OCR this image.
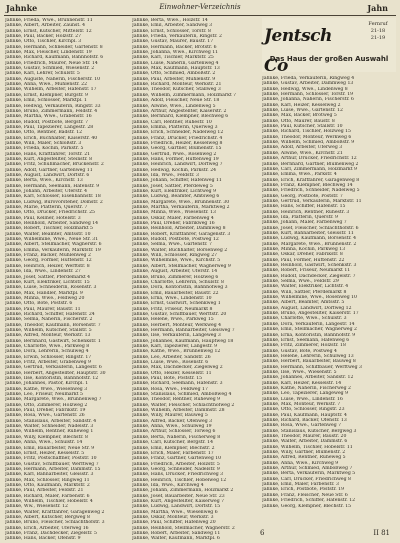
Jahnke	Einwohner-Verzeichnis	Jahn
Jahnke, Frieda, Wwe., Brunnenstr. 11
Jahnke, Albert, Arbeiter, Zaunst. 4
Jahnke, Ernst, Kutscher, Mittelstr. 12
Jahnke, Paul, Bäcker, Holzstr. 27
Jahnke, Otto, Tischler, Kirchpl. 3
Jahnke, Hermann, Schneider, Gartenstr. 8
Jahnke, Max, Fleischer, Lindenstr. 19
Jahnke, Richard, Kaufmann, Bahnhofstr. 6
Jahnke, Friedrich, Maurer, Neue Str. 14
Jahnke, Gustav, Schmied, Wiesenstr. 2
Jahnke, Karl, Lehrer, Schulstr. 5
Jahnke, Auguste, Näherin, Fischerstr. 10
Jahnke, Anna, Wwe., Mühlenstr. 22
Jahnke, Wilhelm, Arbeiter, Hafenstr. 17
Jahnke, Ernst, Klempner, Burgstr. 9
Jahnke, Emil, Schlosser, Marktpl. 1
Jahnke, Hedwig, Verkäuferin, Ringstr. 33
Jahnke, Bruno, Zimmermann, Feldstr. 4
Jahnke, Martha, Wwe., Grabenstr. 16
Jahnke, Rudolf, Postbote, Bergstr. 7
Jahnke, Paul, Tapezierer, Langestr. 28
Jahnke, Otto, Rentner, Badstr. 12
Jahnke, Erich, Buchhalter, Kaiserstr. 40
Jahnke, Willi, Maler, Schloßstr. 3
Jahnke, Frieda, Köchin, Parkstr. 5
Jahnke, Hans, Kraftfahrer, Torstr. 21
Jahnke, Kurt, Angestellter, Steinstr. 8
Jahnke, Fritz, Schuhmacher, Brückenstr. 2
Jahnke, Adolf, Gärtner, Gartenweg 11
Jahnke, August, Landwirt, Dorfstr. 6
Jahnke, Berta, Wwe., Kirchstr. 13
Jahnke, Hermann, Seemann, Hafenstr. 9
Jahnke, Johann, Arbeiter, Uferstr. 4
Jahnke, Karl, Schlosser, Eisenbahnstr. 18
Jahnke, Ludwig, Bürovorsteher, Domstr. 2
Jahnke, Marie, Plätterin, Querstr. 7
Jahnke, Otto, Drucker, Friedrichstr. 25
Jahnke, Paul, Kellner, Hotelstr. 3
Jahnke, Reinhold, Arbeiter, Sandweg 14
Jahnke, Robert, Tischler, Holzmarkt 5
Jahnke, Walter, Beamter, Amtsstr. 10
Jahnke, Wilhelmine, Wwe., Neue Str. 31
Jahnke, Albert, Stellmacher, Wagnerstr. 6
Jahnke, Emma, Verkäuferin, Marktstr. 19
Jahnke, Franz, Bäcker, Mühlenweg 2
Jahnke, Georg, Former, Hüttenstr. 12
Jahnke, Heinrich, Heizer, Werftstr. 8
Jahnke, Ida, Wwe., Lindenstr. 27
Jahnke, Josef, Sattler, Pferdemarkt 4
Jahnke, Kurt, Elektriker, Lichtstr. 15
Jahnke, Luise, Schneiderin, Rosenstr. 3
Jahnke, Max, Händler, Marktpl. 9
Jahnke, Minna, Wwe., Feldweg 20
Jahnke, Otto, Bote, Poststr. 6
Jahnke, Paul, Maurer, Baustr. 11
Jahnke, Richard, Schiffer, Hafenstr. 24
Jahnke, Selma, Näherin, Fischerstr. 2
Jahnke, Theodor, Kaufmann, Börsenstr. 7
Jahnke, Wilhelm, Kutscher, Stallstr. 5
Jahnke, Alfred, Monteur, Werkstr. 13
Jahnke, Bernhard, Gastwirt, Schenkstr. 1
Jahnke, Charlotte, Wwe., Parkweg 8
Jahnke, Dora, Lehrerin, Schulweg 4
Jahnke, Erwin, Schlosser, Ringstr. 17
Jahnke, Fritz, Arbeiter, Grabenweg 9
Jahnke, Gertrud, Verkäuferin, Langestr. 6
Jahnke, Herbert, Angestellter, Hauptstr. 30
Jahnke, Ilse, Kontoristin, Bahnhofstr. 12
Jahnke, Johannes, Pastor, Kirchpl. 1
Jahnke, Käthe, Wwe., Wiesenweg 3
Jahnke, Leo, Friseur, Neumarkt 5
Jahnke, Margarete, Wwe., Brunnenweg 7
Jahnke, Otto, Zimmerer, Holzweg 2
Jahnke, Paul, Dreher, Fabrikstr. 19
Jahnke, Rosa, Wwe., Gartenstr. 26
Jahnke, Stanislaus, Arbeiter, Sandstr. 4
Jahnke, Walter, Schneider, Nadelstr. 3
Jahnke, Wilhelm, Rentner, Ruheweg 1
Jahnke, Willy, Klempner, Blechstr. 8
Jahnke, Anna, Wwe., Schulstr. 14
Jahnke, Emil, Bauarbeiter, Neue Str. 9
Jahnke, Ernst, Heizer, Kesselstr. 5
Jahnke, Fritz, Postschaffner, Poststr. 10
Jahnke, Gustav, Schiffbauer, Werftweg 7
Jahnke, Hermann, Arbeiter, Dammstr. 15
Jahnke, Karl, Bahnarbeiter, Gleisstr. 3
Jahnke, Max, Schlosser, Ringweg 11
Jahnke, Otto, Kaufmann, Marktstr. 2
Jahnke, Paul, Arbeiter, Feldstr. 21
Jahnke, Richard, Maler, Farbenstr. 6
Jahnke, Wilhelm, Tischler, Hobelstr. 4
Jahnke, Ww., Wiesenstr. 12
Jahnke, Walter, Kraftfahrer, Garagenweg 2
Jahnke, Albert, Kutscher, Bergweg 8
Jahnke, Bruno, Fleischer, Schlachthofstr. 3
Jahnke, Erich, Arbeiter, Uferweg 16
Jahnke, Franz, Dachdecker, Ziegelstr. 5
Jahnke, Hans, Bäcker, Ofenstr. 9
Jahnke, Berta, Wwe., Holzstr. 14
Jahnke, Emil, Arbeiter, Sandweg 3
Jahnke, Ernst, Schlosser, Torstr. 8
Jahnke, Frieda, Verkäuferin, Ringstr. 2
Jahnke, Gustav, Maurer, Baustr. 17
Jahnke, Hermann, Bäcker, Brotstr. 6
Jahnke, Johanna, Wwe., Kirchweg 11
Jahnke, Karl, Tischler, Marktstr. 25
Jahnke, Luise, Näherin, Gartenweg 4
Jahnke, Max, Kaufmann, Hauptstr. 13
Jahnke, Otto, Schmied, Amboßstr. 2
Jahnke, Paul, Arbeiter, Mühlenstr. 9
Jahnke, Richard, Monteur, Werkstr. 21
Jahnke, Theodor, Kutscher, Stallweg 3
Jahnke, Wilhelm, Zimmermann, Holzmarkt 7
Jahnke, Adolf, Fleischer, Neue Str. 18
Jahnke, Alwine, Wwe., Lindenweg 5
Jahnke, Arthur, Angestellter, Kaiserstr. 2
Jahnke, Bernhard, Klempner, Blechweg 6
Jahnke, Carl, Rentner, Ruhestr. 10
Jahnke, Emma, Plätterin, Querweg 3
Jahnke, Erich, Schneider, Nadelweg 12
Jahnke, Franz, Drucker, Friedrichstr. 4
Jahnke, Friedrich, Heizer, Kesselweg 8
Jahnke, Georg, Gärtner, Blumenstr. 15
Jahnke, Gertrud, Wwe., Rosenweg 2
Jahnke, Hans, Former, Hüttenweg 19
Jahnke, Heinrich, Landwirt, Dorfweg 7
Jahnke, Hedwig, Köchin, Parkstr. 24
Jahnke, Ida, Wwe., Feldstr. 3
Jahnke, Johann, Schiffer, Hafenweg 11
Jahnke, Josef, Sattler, Pferdeweg 5
Jahnke, Kurt, Elektriker, Lichtweg 9
Jahnke, Ludwig, Beamter, Amtsweg 6
Jahnke, Margarete, Wwe., Brunnenstr. 30
Jahnke, Martha, Verkäuferin, Marktweg 2
Jahnke, Minna, Wwe., Wiesenstr. 13
Jahnke, Oskar, Maler, Farbenweg 4
Jahnke, Paul, Dreher, Fabrikweg 16
Jahnke, Reinhold, Arbeiter, Dammweg 8
Jahnke, Robert, Kraftfahrer, Garagenstr. 3
Jahnke, Rudolf, Postbote, Postweg 12
Jahnke, Selma, Wwe., Gartenstr. 7
Jahnke, Walter, Buchhalter, Börsenweg 2
Jahnke, Willi, Schlosser, Ringweg 27
Jahnke, Wilhelmine, Wwe., Kirchstr. 5
Jahnke, Albert, Stellmacher, Wagnerweg 9
Jahnke, August, Arbeiter, Uferstr. 14
Jahnke, Bruno, Zimmerer, Holzweg 6
Jahnke, Charlotte, Lehrerin, Schulstr. 8
Jahnke, Dora, Kontoristin, Bahnhofweg 3
Jahnke, Emil, Bauarbeiter, Baustr. 22
Jahnke, Erna, Wwe., Lindenstr. 10
Jahnke, Ernst, Gastwirt, Schenkweg 1
Jahnke, Fritz, Friseur, Neumarkt 8
Jahnke, Gustav, Schiffbauer, Werftstr. 20
Jahnke, Helene, Wwe., Parkweg 15
Jahnke, Herbert, Monteur, Werkweg 4
Jahnke, Hermann, Bahnarbeiter, Gleisweg 7
Jahnke, Ilse, Verkäuferin, Langeweg 3
Jahnke, Johannes, Kaufmann, Hauptweg 18
Jahnke, Karl, Tapezierer, Langestr. 9
Jahnke, Käthe, Wwe., Brunnenweg 12
Jahnke, Leo, Arbeiter, Sandstr. 26
Jahnke, Luise, Wwe., Rosenstr. 6
Jahnke, Max, Dachdecker, Ziegelweg 2
Jahnke, Otto, Heizer, Kesselstr. 11
Jahnke, Paul, Bote, Poststr. 15
Jahnke, Richard, Seemann, Hafenstr. 3
Jahnke, Rosa, Wwe., Feldweg 17
Jahnke, Stanislaus, Schmied, Amboßweg 4
Jahnke, Theodor, Rentner, Ruheweg 9
Jahnke, Walter, Fleischer, Schlachthofweg 2
Jahnke, Wilhelm, Arbeiter, Dammstr. 28
Jahnke, Willy, Maurer, Bauweg 5
Jahnke, Alfred, Bäcker, Ofenweg 3
Jahnke, Anna, Wwe., Schulweg 19
Jahnke, Arthur, Schlosser, Torweg 6
Jahnke, Berta, Näherin, Fischerweg 8
Jahnke, Carl, Kutscher, Bergstr. 14
Jahnke, Emil, Klempner, Blechstr. 2
Jahnke, Erich, Maler, Farbenstr. 17
Jahnke, Franz, Gärtner, Gartenweg 10
Jahnke, Friedrich, Arbeiter, Holzstr. 5
Jahnke, Georg, Schneider, Nadelstr. 9
Jahnke, Hans, Drucker, Friedrichweg 3
Jahnke, Heinrich, Tischler, Hobelweg 12
Jahnke, Ida, Wwe., Kirchweg 4
Jahnke, Johann, Zimmermann, Holzmarkt 2
Jahnke, Josef, Bauarbeiter, Neue Str. 23
Jahnke, Kurt, Angestellter, Kaiserweg 7
Jahnke, Ludwig, Landwirt, Dorfstr. 15
Jahnke, Martha, Wwe., Wiesenweg 6
Jahnke, Oskar, Monteur, Werkstr. 3
Jahnke, Paul, Schiffer, Hafenweg 20
Jahnke, Reinhold, Stellmacher, Wagnerstr. 2
Jahnke, Robert, Arbeiter, Sandweg 11
Jahnke, Walter, Kaufmann, Marktpl. 6
Jentsch Co
Fernruf
21-18
21-19
Das Haus der großen Auswahl
Jahnke, Frieda, Verkäuferin, Ringweg 4
Jahnke, Gustav, Arbeiter, Dammweg 13
Jahnke, Hedwig, Wwe., Lindenweg 8
Jahnke, Hermann, Schlosser, Torstr. 19
Jahnke, Johanna, Näherin, Fischerstr. 6
Jahnke, Karl, Heizer, Kesselweg 2
Jahnke, Luise, Wwe., Gartenstr. 12
Jahnke, Max, Bäcker, Brotweg 5
Jahnke, Otto, Maurer, Baustr. 8
Jahnke, Paul, Kutscher, Stallstr. 10
Jahnke, Richard, Tischler, Holzweg 15
Jahnke, Theodor, Monteur, Werkweg 6
Jahnke, Wilhelm, Schmied, Amboßstr. 9
Jahnke, Adolf, Arbeiter, Uferweg 3
Jahnke, Alwine, Wwe., Kirchstr. 21
Jahnke, Arthur, Drucker, Friedrichstr. 12
Jahnke, Bernhard, Gärtner, Blumenweg 2
Jahnke, Carl, Zimmermann, Holzmarkt 9
Jahnke, Emma, Wwe., Parkstr. 4
Jahnke, Erich, Kraftfahrer, Garagenweg 8
Jahnke, Franz, Klempner, Blechweg 14
Jahnke, Friedrich, Schneider, Nadelweg 5
Jahnke, Georg, Postbote, Poststr. 7
Jahnke, Gertrud, Verkäuferin, Marktstr. 11
Jahnke, Hans, Schiffer, Hafenstr. 15
Jahnke, Heinrich, Rentner, Ruhestr. 3
Jahnke, Ida, Plätterin, Querstr. 9
Jahnke, Johann, Maler, Farbenweg 7
Jahnke, Josef, Fleischer, Schlachthofstr. 6
Jahnke, Kurt, Bahnarbeiter, Gleisstr. 11
Jahnke, Ludwig, Kaufmann, Börsenstr. 4
Jahnke, Margarete, Wwe., Brunnenstr. 2
Jahnke, Minna, Köchin, Parkweg 13
Jahnke, Oskar, Dreher, Fabrikstr. 8
Jahnke, Paul, Former, Hüttenstr. 22
Jahnke, Reinhold, Gastwirt, Schenkstr. 3
Jahnke, Robert, Friseur, Neumarkt 11
Jahnke, Rudolf, Dachdecker, Ziegelstr. 7
Jahnke, Selma, Wwe., Feldstr. 29
Jahnke, Walter, Elektriker, Lichtstr. 4
Jahnke, Willi, Sattler, Pferdemarkt 8
Jahnke, Wilhelmine, Wwe., Rosenweg 10
Jahnke, Albert, Beamter, Amtsstr. 5
Jahnke, August, Landwirt, Dorfweg 12
Jahnke, Bruno, Angestellter, Kaiserstr. 17
Jahnke, Charlotte, Wwe., Schulstr. 3
Jahnke, Dora, Verkäuferin, Langestr. 14
Jahnke, Emil, Stellmacher, Wagnerweg 2
Jahnke, Erna, Kontoristin, Bahnhofstr. 9
Jahnke, Ernst, Seemann, Hafenweg 6
Jahnke, Fritz, Zimmerer, Holzstr. 18
Jahnke, Gustav, Bote, Postweg 4
Jahnke, Helene, Lehrerin, Schulweg 13
Jahnke, Herbert, Bauarbeiter, Bauweg 8
Jahnke, Hermann, Schiffbauer, Werftweg 3
Jahnke, Ilse, Wwe., Wiesenstr. 5
Jahnke, Johannes, Arbeiter, Sandstr. 12
Jahnke, Karl, Heizer, Kesselstr. 14
Jahnke, Käthe, Näherin, Fischerweg 2
Jahnke, Leo, Tapezierer, Langeweg 9
Jahnke, Luise, Wwe., Lindenstr. 16
Jahnke, Max, Monteur, Werkstr. 7
Jahnke, Otto, Schlosser, Ringstr. 23
Jahnke, Paul, Kaufmann, Hauptstr. 4
Jahnke, Richard, Bäcker, Ofenstr. 13
Jahnke, Rosa, Wwe., Gartenweg 7
Jahnke, Stanislaus, Kutscher, Bergweg 3
Jahnke, Theodor, Maurer, Baustr. 20
Jahnke, Walter, Arbeiter, Dammstr. 6
Jahnke, Wilhelm, Tischler, Hobelstr. 11
Jahnke, Willy, Gärtner, Blumenstr. 2
Jahnke, Alfred, Rentner, Ruheweg 5
Jahnke, Anna, Wwe., Kirchweg 9
Jahnke, Arthur, Schmied, Amboßweg 7
Jahnke, Berta, Verkäuferin, Marktweg 5
Jahnke, Carl, Drucker, Friedrichweg 8
Jahnke, Emil, Maler, Farbenstr. 3
Jahnke, Erich, Postbote, Poststr. 19
Jahnke, Franz, Fleischer, Neue Str. 6
Jahnke, Friedrich, Schiffer, Hafenstr. 12
Jahnke, Georg, Klempner, Blechstr. 15
6	II 81
